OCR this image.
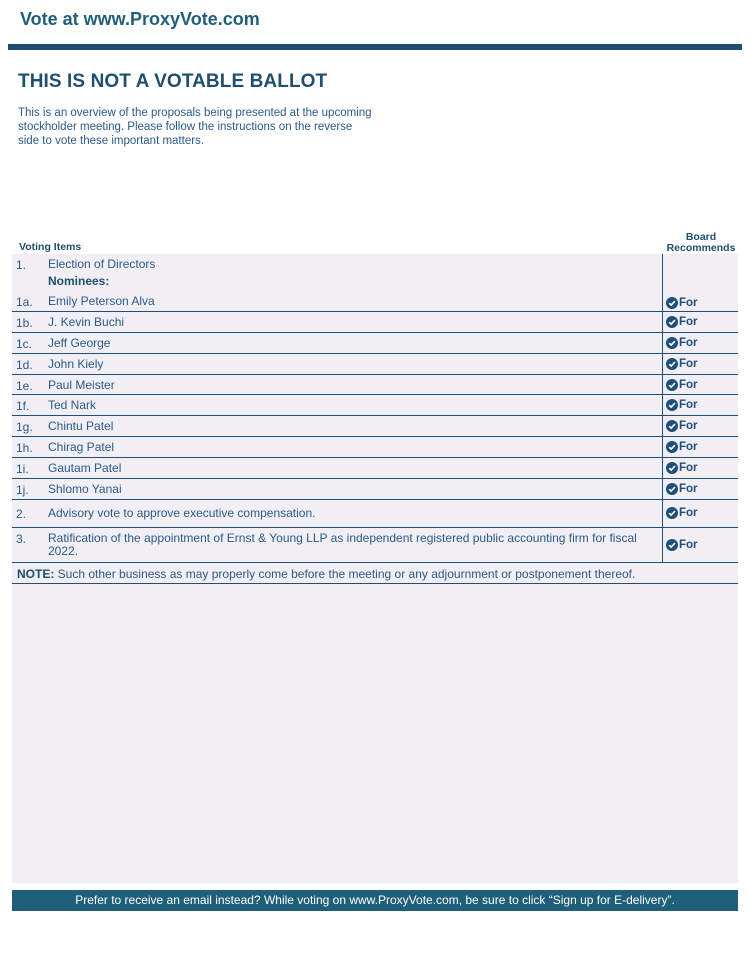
Vote at www.ProxyVote.com
THIS IS NOT A VOTABLE BALLOT
This is an overview of the proposals being presented at the upcoming stockholder meeting. Please follow the instructions on the reverse side to vote these important matters.
Voting Items
Board
Recommends
1. Election of Directors
Nominees:
1a. Emily Peterson Alva	For
1b. J. Kevin Buchi	For
1c. Jeff George	For
1d. John Kiely	For
1e. Paul Meister	For
1f. Ted Nark	For
1g. Chintu Patel	For
1h. Chirag Patel	For
1i. Gautam Patel	For
1j. Shlomo Yanai	For
2. Advisory vote to approve executive compensation.	For
3. Ratification of the appointment of Ernst & Young LLP as independent registered public accounting firm for fiscal 2022.	For
NOTE: Such other business as may properly come before the meeting or any adjournment or postponement thereof.
Prefer to receive an email instead? While voting on www.ProxyVote.com, be sure to click “Sign up for E-delivery”.
